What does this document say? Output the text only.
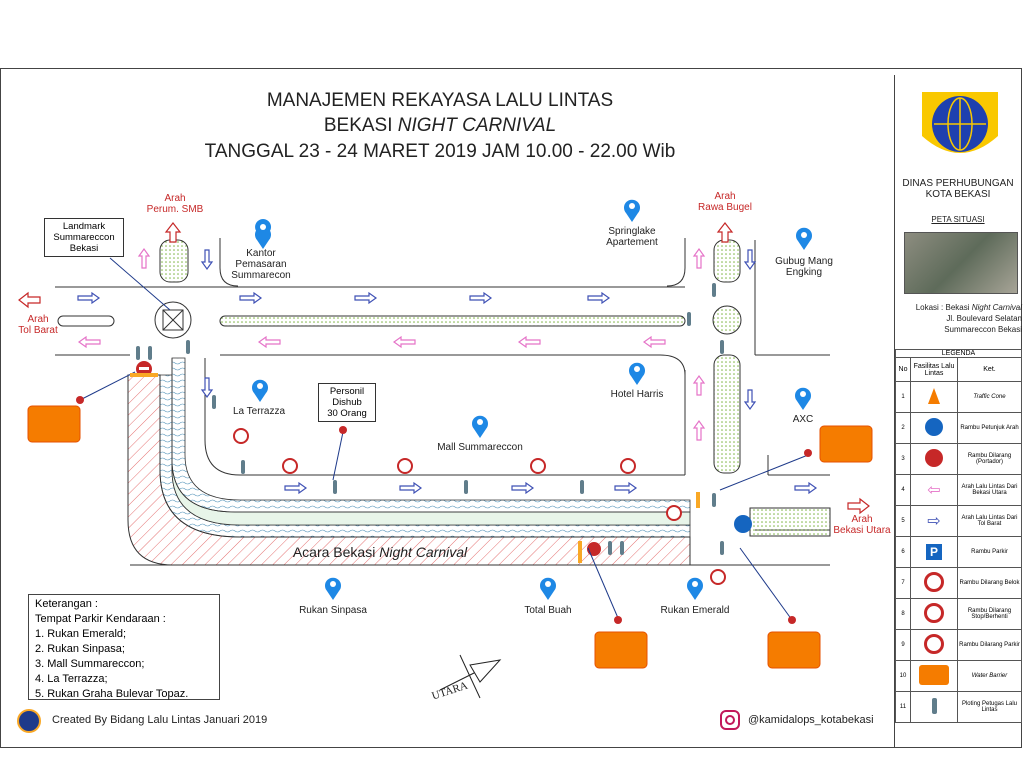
MANAJEMEN REKAYASA LALU LINTAS
BEKASI NIGHT CARNIVAL
TANGGAL 23 - 24 MARET 2019 JAM 10.00 - 22.00 Wib
Arah
Perum. SMB
Arah
Rawa Bugel
Arah
Tol Barat
Arah
Bekasi Utara
Landmark
Summareccon
Bekasi	Kantor
Pemasaran
Summarecon
Springlake
Apartement
Gubug Mang
Engking
La Terrazza
Personil
Dishub
30 Orang
Hotel Harris
AXC
Mall Summareccon
Acara Bekasi Night Carnival
Rukan Sinpasa	Total Buah	Rukan Emerald
UTARA
Keterangan :
Tempat Parkir Kendaraan :
1. Rukan Emerald;
2. Rukan Sinpasa;
3. Mall Summareccon;
4. La Terrazza;
5. Rukan Graha Bulevar Topaz.
Created By Bidang Lalu Lintas Januari 2019	@kamidalops_kotabekasi
DINAS PERHUBUNGAN
KOTA BEKASI
PETA SITUASI
Lokasi : Bekasi Night Carnival
Jl. Boulevard Selatan
Summareccon Bekasi
LEGENDA		
No	Fasilitas Lalu Lintas	Ket.
1		Traffic Cone
2		Rambu Petunjuk Arah
3		Rambu Dilarang (Portador)
4	⇦	Arah Lalu Lintas Dari Bekasi Utara
5	⇨	Arah Lalu Lintas Dari Tol Barat
6	P	Rambu Parkir
7		Rambu Dilarang Belok
8		Rambu Dilarang Stop/Berhenti
9		Rambu Dilarang Parkir
10		Water Barrier
11		Ploting Petugas Lalu Lintas
